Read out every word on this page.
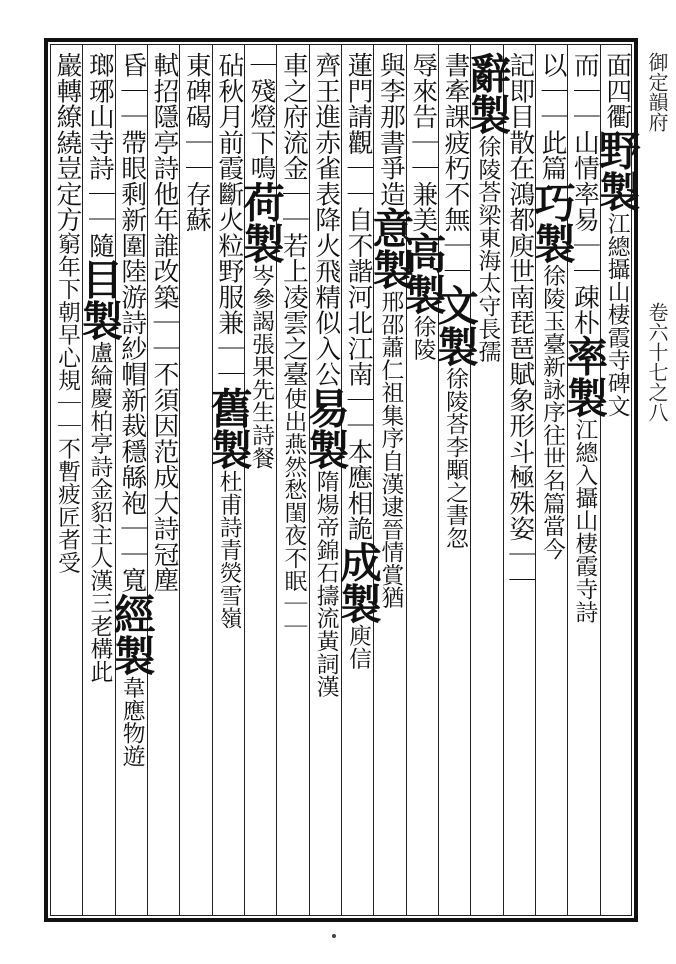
御定韻府卷六十七之八
面四衢
野製
江總攝山棲霞寺碑文
而｜｜山情率易｜｜疎朴
率製
江總入攝山棲霞寺詩
以｜｜此篇
巧製
徐陵玉臺新詠序往世名篇當今
記即目散在鴻都庾世南琵琶賦象形斗極殊姿｜｜
辭製
徐陵荅梁東海太守長孺
書牽課疲朽不無｜｜
文製
徐陵荅李顒之書忽
辱來告｜｜兼美
高製
徐陵
與李那書爭造
意製
邢邵蕭仁祖集序自漢逮晉情賞猶
蓮門請觀｜｜自不諧河北江南｜｜本應相詭
成製
庾信
齊王進赤雀表降火飛精似入公
易製
隋煬帝錦石擣流黃詞漢
車之府流金｜｜若上凌雲之臺
使出燕然愁閨夜不眠｜｜
｜殘燈下鳴
荷製
岑參謁張果先生詩餐
砧秋月前
霞斷火粒野服兼｜｜
舊製
杜甫詩青熒雪嶺
東碑碣｜｜存蘇
軾招隱亭詩他年誰改築｜｜不須因范成大詩冠塵
昏｜｜帶眼剩新圍陸游詩紗帽新裁穩緜袍｜｜寬
經製
韋應物遊
瑯琊山寺詩｜｜隨
目製
盧綸慶柏亭詩金貂主人漢三老構此
巖轉繚繞豈定方
窮年下朝早心規｜｜不暫疲匠者受
